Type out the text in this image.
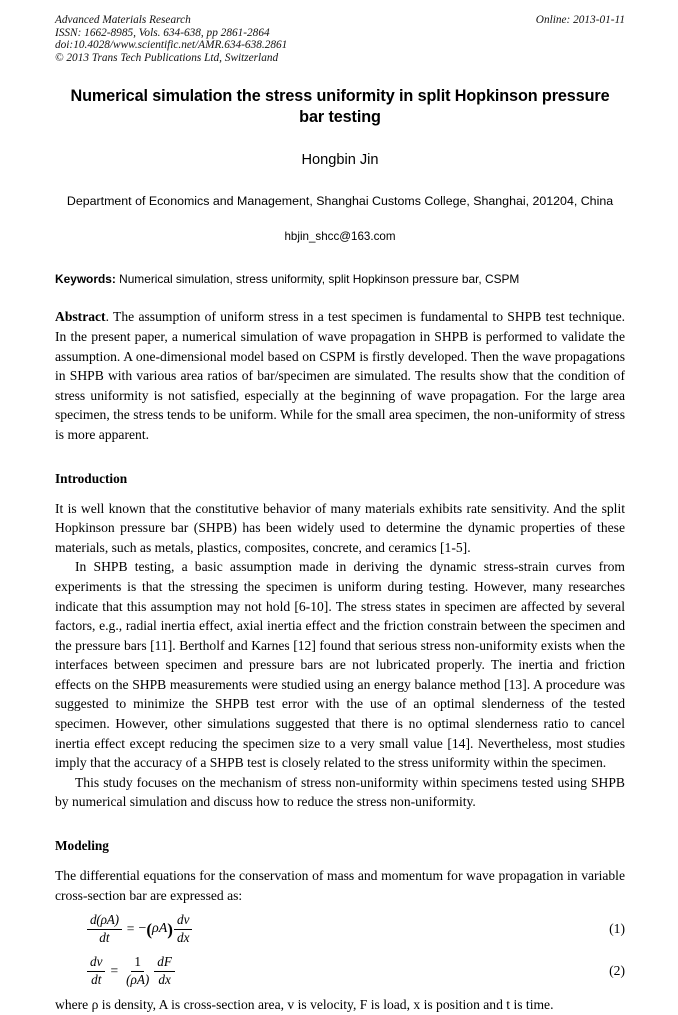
Advanced Materials Research
ISSN: 1662-8985, Vols. 634-638, pp 2861-2864
doi:10.4028/www.scientific.net/AMR.634-638.2861
© 2013 Trans Tech Publications Ltd, Switzerland
Online: 2013-01-11
Numerical simulation the stress uniformity in split Hopkinson pressure bar testing
Hongbin Jin
Department of Economics and Management, Shanghai Customs College, Shanghai, 201204, China
hbjin_shcc@163.com
Keywords: Numerical simulation, stress uniformity, split Hopkinson pressure bar, CSPM
Abstract. The assumption of uniform stress in a test specimen is fundamental to SHPB test technique. In the present paper, a numerical simulation of wave propagation in SHPB is performed to validate the assumption. A one-dimensional model based on CSPM is firstly developed. Then the wave propagations in SHPB with various area ratios of bar/specimen are simulated. The results show that the condition of stress uniformity is not satisfied, especially at the beginning of wave propagation. For the large area specimen, the stress tends to be uniform. While for the small area specimen, the non-uniformity of stress is more apparent.
Introduction

It is well known that the constitutive behavior of many materials exhibits rate sensitivity. And the split Hopkinson pressure bar (SHPB) has been widely used to determine the dynamic properties of these materials, such as metals, plastics, composites, concrete, and ceramics [1-5].

In SHPB testing, a basic assumption made in deriving the dynamic stress-strain curves from experiments is that the stressing the specimen is uniform during testing. However, many researches indicate that this assumption may not hold [6-10]. The stress states in specimen are affected by several factors, e.g., radial inertia effect, axial inertia effect and the friction constrain between the specimen and the pressure bars [11]. Bertholf and Karnes [12] found that serious stress non-uniformity exists when the interfaces between specimen and pressure bars are not lubricated properly. The inertia and friction effects on the SHPB measurements were studied using an energy balance method [13]. A procedure was suggested to minimize the SHPB test error with the use of an optimal slenderness of the tested specimen. However, other simulations suggested that there is no optimal slenderness ratio to cancel inertia effect except reducing the specimen size to a very small value [14]. Nevertheless, most studies imply that the accuracy of a SHPB test is closely related to the stress uniformity within the specimen.

This study focuses on the mechanism of stress non-uniformity within specimens tested using SHPB by numerical simulation and discuss how to reduce the stress non-uniformity.

Modeling

The differential equations for the conservation of mass and momentum for wave propagation in variable cross-section bar are expressed as:

$\frac{d(\rho A)}{dt}$ = − ( ρA ) $\frac{dv}{dx}$	(1)
$\frac{dv}{dt} = \frac{1}{(\rho A)} \frac{dF}{dx}$	(2)
where ρ is density, A is cross-section area, v is velocity, F is load, x is position and t is time.
